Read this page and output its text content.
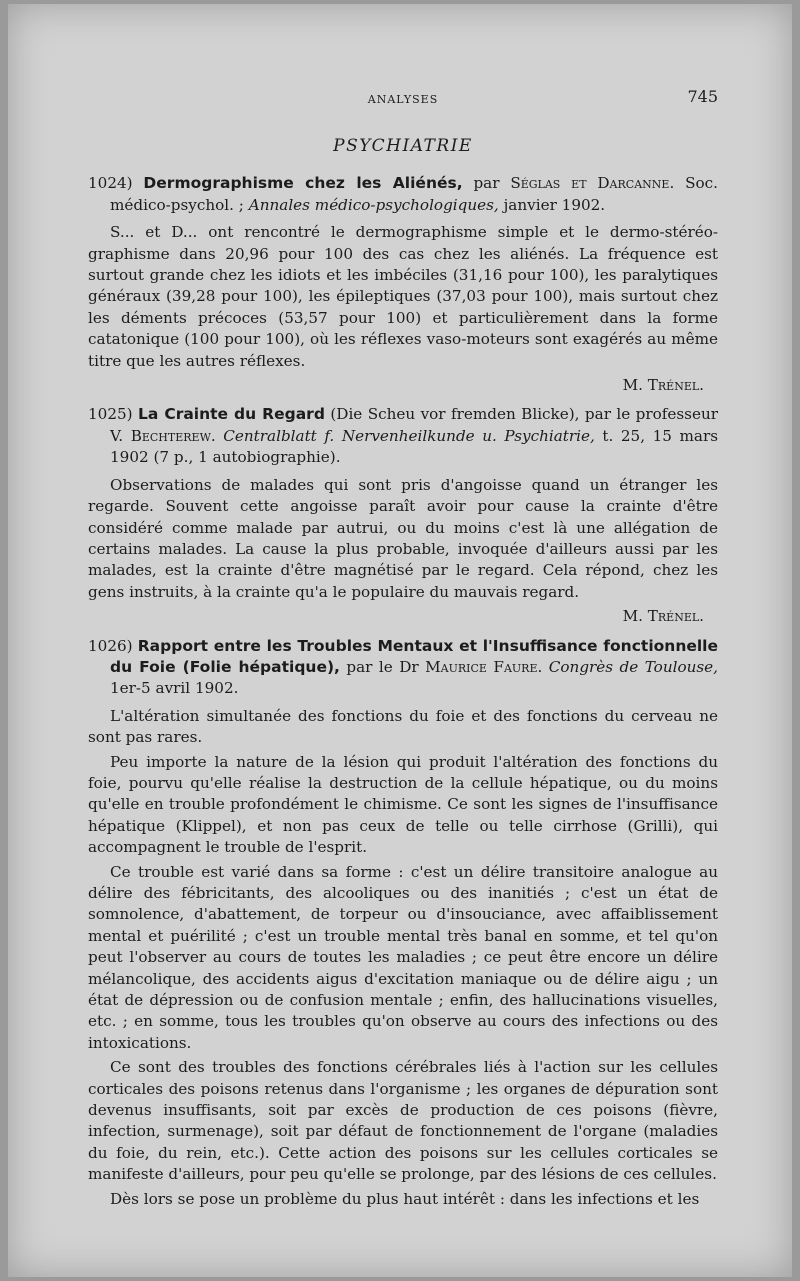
ANALYSES	745
PSYCHIATRIE
1024) Dermographisme chez les Aliénés, par Séglas et Darcanne. Soc. médico-psychol. ; Annales médico-psychologiques, janvier 1902.

S... et D... ont rencontré le dermographisme simple et le dermo-stéréo-graphisme dans 20,96 pour 100 des cas chez les aliénés. La fréquence est surtout grande chez les idiots et les imbéciles (31,16 pour 100), les paralytiques généraux (39,28 pour 100), les épileptiques (37,03 pour 100), mais surtout chez les déments précoces (53,57 pour 100) et particulièrement dans la forme catatonique (100 pour 100), où les réflexes vaso-moteurs sont exagérés au même titre que les autres réflexes.

M. Trénel.
1025) La Crainte du Regard (Die Scheu vor fremden Blicke), par le professeur V. Bechterew. Centralblatt f. Nervenheilkunde u. Psychiatrie, t. 25, 15 mars 1902 (7 p., 1 autobiographie).

Observations de malades qui sont pris d'angoisse quand un étranger les regarde. Souvent cette angoisse paraît avoir pour cause la crainte d'être considéré comme malade par autrui, ou du moins c'est là une allégation de certains malades. La cause la plus probable, invoquée d'ailleurs aussi par les malades, est la crainte d'être magnétisé par le regard. Cela répond, chez les gens instruits, à la crainte qu'a le populaire du mauvais regard.

M. Trénel.
1026) Rapport entre les Troubles Mentaux et l'Insuffisance fonctionnelle du Foie (Folie hépatique), par le Dr Maurice Faure. Congrès de Toulouse, 1er-5 avril 1902.

L'altération simultanée des fonctions du foie et des fonctions du cerveau ne sont pas rares.

Peu importe la nature de la lésion qui produit l'altération des fonctions du foie, pourvu qu'elle réalise la destruction de la cellule hépatique, ou du moins qu'elle en trouble profondément le chimisme. Ce sont les signes de l'insuffisance hépatique (Klippel), et non pas ceux de telle ou telle cirrhose (Grilli), qui accompagnent le trouble de l'esprit.

Ce trouble est varié dans sa forme : c'est un délire transitoire analogue au délire des fébricitants, des alcooliques ou des inanitiés ; c'est un état de somnolence, d'abattement, de torpeur ou d'insouciance, avec affaiblissement mental et puérilité ; c'est un trouble mental très banal en somme, et tel qu'on peut l'observer au cours de toutes les maladies ; ce peut être encore un délire mélancolique, des accidents aigus d'excitation maniaque ou de délire aigu ; un état de dépression ou de confusion mentale ; enfin, des hallucinations visuelles, etc. ; en somme, tous les troubles qu'on observe au cours des infections ou des intoxications.

Ce sont des troubles des fonctions cérébrales liés à l'action sur les cellules corticales des poisons retenus dans l'organisme ; les organes de dépuration sont devenus insuffisants, soit par excès de production de ces poisons (fièvre, infection, surmenage), soit par défaut de fonctionnement de l'organe (maladies du foie, du rein, etc.). Cette action des poisons sur les cellules corticales se manifeste d'ailleurs, pour peu qu'elle se prolonge, par des lésions de ces cellules.

Dès lors se pose un problème du plus haut intérêt : dans les infections et les
